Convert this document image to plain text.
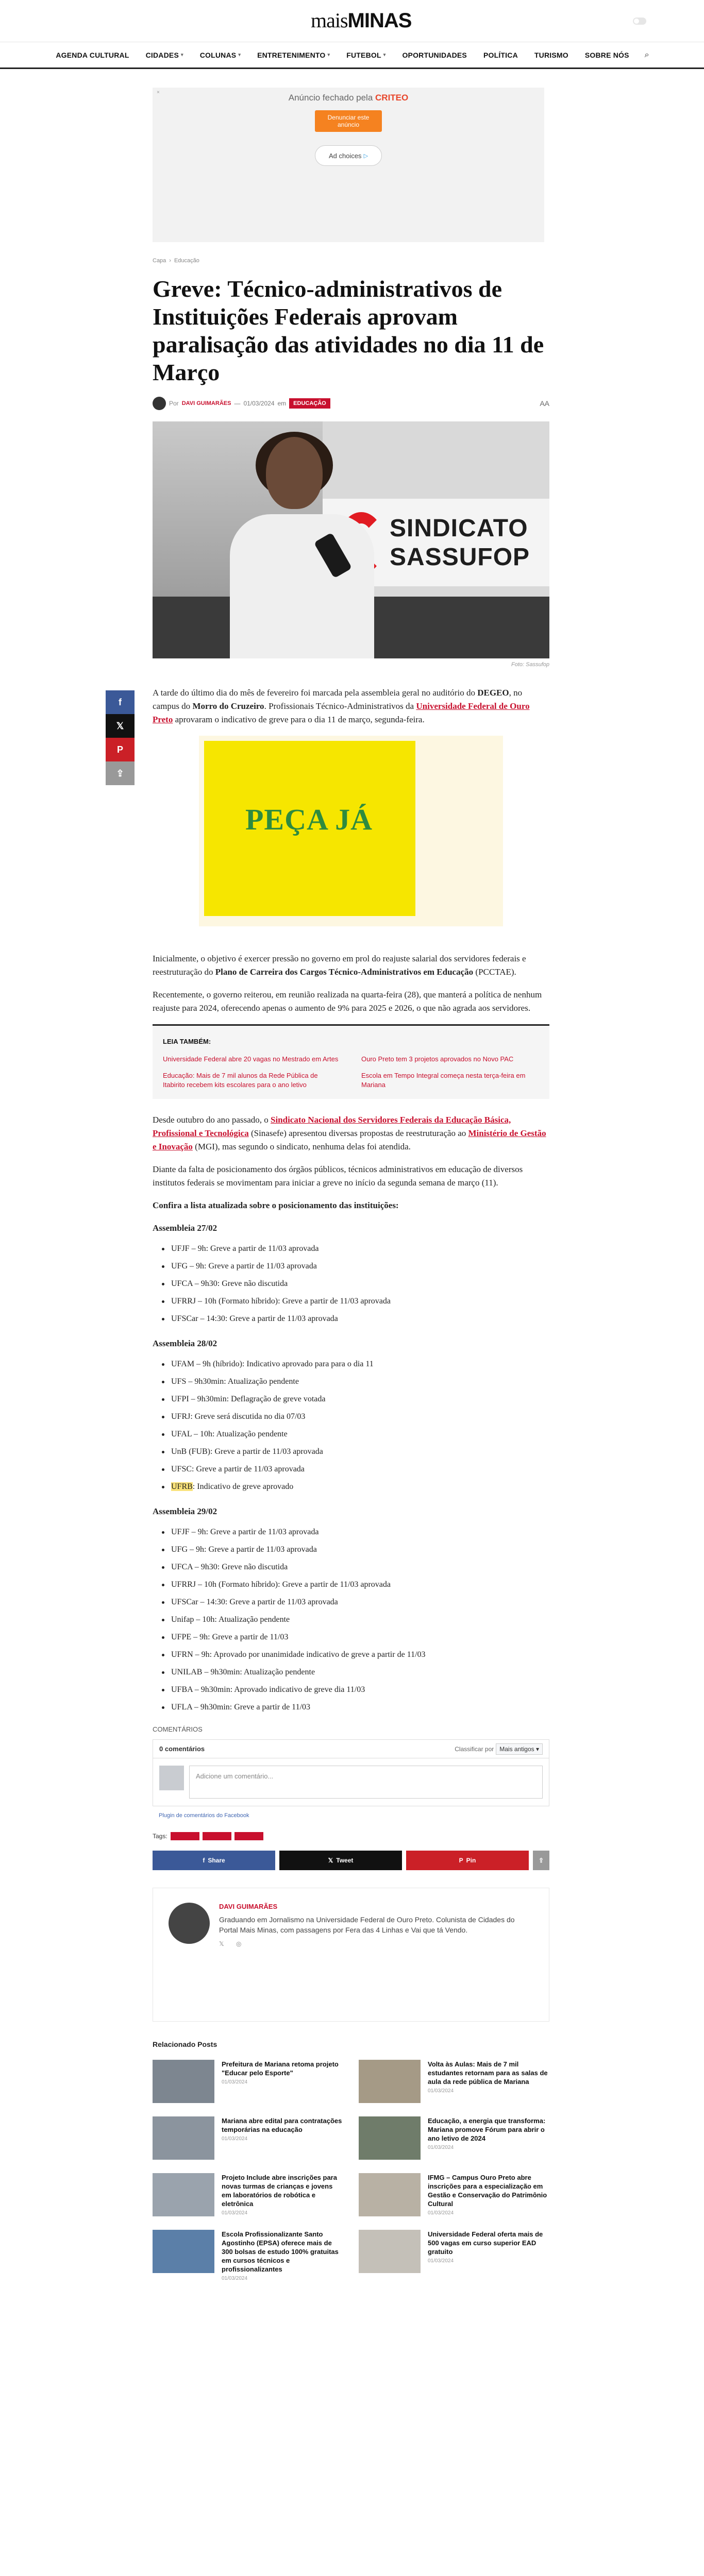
maisMINAS
AGENDA CULTURAL CIDADES ▾ COLUNAS ▾ ENTRETENIMENTO ▾ FUTEBOL ▾ OPORTUNIDADES POLÍTICA TURISMO SOBRE NÓS	⌕
×
Anúncio fechado pela CRITEO
Denunciar este anúncio
Ad choices ▷
f
𝕏
P
⇪
Capa › Educação
Greve: Técnico-administrativos de Instituições Federais aprovam paralisação das atividades no dia 11 de Março
Por DAVI GUIMARÃES — 01/03/2024 em	EDUCAÇÃO	AA
SINDICATO SASSUFOP
Foto: Sassufop

A tarde do último dia do mês de fevereiro foi marcada pela assembleia geral no auditório do DEGEO, no campus do Morro do Cruzeiro. Profissionais Técnico-Administrativos da Universidade Federal de Ouro Preto aprovaram o indicativo de greve para o dia 11 de março, segunda-feira.

PEÇA JÁ

Inicialmente, o objetivo é exercer pressão no governo em prol do reajuste salarial dos servidores federais e reestruturação do Plano de Carreira dos Cargos Técnico-Administrativos em Educação (PCCTAE).

Recentemente, o governo reiterou, em reunião realizada na quarta-feira (28), que manterá a política de nenhum reajuste para 2024, oferecendo apenas o aumento de 9% para 2025 e 2026, o que não agrada aos servidores.

LEIA TAMBÉM:
Universidade Federal abre 20 vagas no Mestrado em Artes	Ouro Preto tem 3 projetos aprovados no Novo PAC
Educação: Mais de 7 mil alunos da Rede Pública de Itabirito recebem kits escolares para o ano letivo
Escola em Tempo Integral começa nesta terça-feira em Mariana

Desde outubro do ano passado, o Sindicato Nacional dos Servidores Federais da Educação Básica, Profissional e Tecnológica (Sinasefe) apresentou diversas propostas de reestruturação ao Ministério de Gestão e Inovação (MGI), mas segundo o sindicato, nenhuma delas foi atendida.

Diante da falta de posicionamento dos órgãos públicos, técnicos administrativos em educação de diversos institutos federais se movimentam para iniciar a greve no início da segunda semana de março (11).

Confira a lista atualizada sobre o posicionamento das instituições:

Assembleia 27/02
UFJF – 9h: Greve a partir de 11/03 aprovada
UFG – 9h: Greve a partir de 11/03 aprovada
UFCA – 9h30: Greve não discutida
UFRRJ – 10h (Formato híbrido): Greve a partir de 11/03 aprovada
UFSCar – 14:30: Greve a partir de 11/03 aprovada
Assembleia 28/02
UFAM – 9h (híbrido): Indicativo aprovado para para o dia 11
UFS – 9h30min: Atualização pendente
UFPI – 9h30min: Deflagração de greve votada
UFRJ: Greve será discutida no dia 07/03
UFAL – 10h: Atualização pendente
UnB (FUB): Greve a partir de 11/03 aprovada
UFSC: Greve a partir de 11/03 aprovada
UFRB: Indicativo de greve aprovado
Assembleia 29/02
UFJF – 9h: Greve a partir de 11/03 aprovada
UFG – 9h: Greve a partir de 11/03 aprovada
UFCA – 9h30: Greve não discutida
UFRRJ – 10h (Formato híbrido): Greve a partir de 11/03 aprovada
UFSCar – 14:30: Greve a partir de 11/03 aprovada
Unifap – 10h: Atualização pendente
UFPE – 9h: Greve a partir de 11/03
UFRN – 9h: Aprovado por unanimidade indicativo de greve a partir de 11/03
UNILAB – 9h30min: Atualização pendente
UFBA – 9h30min: Aprovado indicativo de greve dia 11/03
UFLA – 9h30min: Greve a partir de 11/03
COMENTÁRIOS
0 comentários	Classificar por Mais antigos ▾
Adicione um comentário...
Plugin de comentários do Facebook
Tags:
f Share	𝕏 Tweet	P Pin	⇪
DAVI GUIMARÃES
Graduando em Jornalismo na Universidade Federal de Ouro Preto. Colunista de Cidades do Portal Mais Minas, com passagens por Fera das 4 Linhas e Vai que tá Vendo.
𝕏 ◎
Relacionado Posts
Prefeitura de Mariana retoma projeto "Educar pelo Esporte"
01/03/2024
Volta às Aulas: Mais de 7 mil estudantes retornam para as salas de aula da rede pública de Mariana
01/03/2024
Mariana abre edital para contratações temporárias na educação
01/03/2024
Educação, a energia que transforma: Mariana promove Fórum para abrir o ano letivo de 2024
01/03/2024
Projeto Include abre inscrições para novas turmas de crianças e jovens em laboratórios de robótica e eletrônica
01/03/2024
IFMG – Campus Ouro Preto abre inscrições para a especialização em Gestão e Conservação do Patrimônio Cultural
01/03/2024
Escola Profissionalizante Santo Agostinho (EPSA) oferece mais de 300 bolsas de estudo 100% gratuitas em cursos técnicos e profissionalizantes
01/03/2024
Universidade Federal oferta mais de 500 vagas em curso superior EAD gratuito
01/03/2024
